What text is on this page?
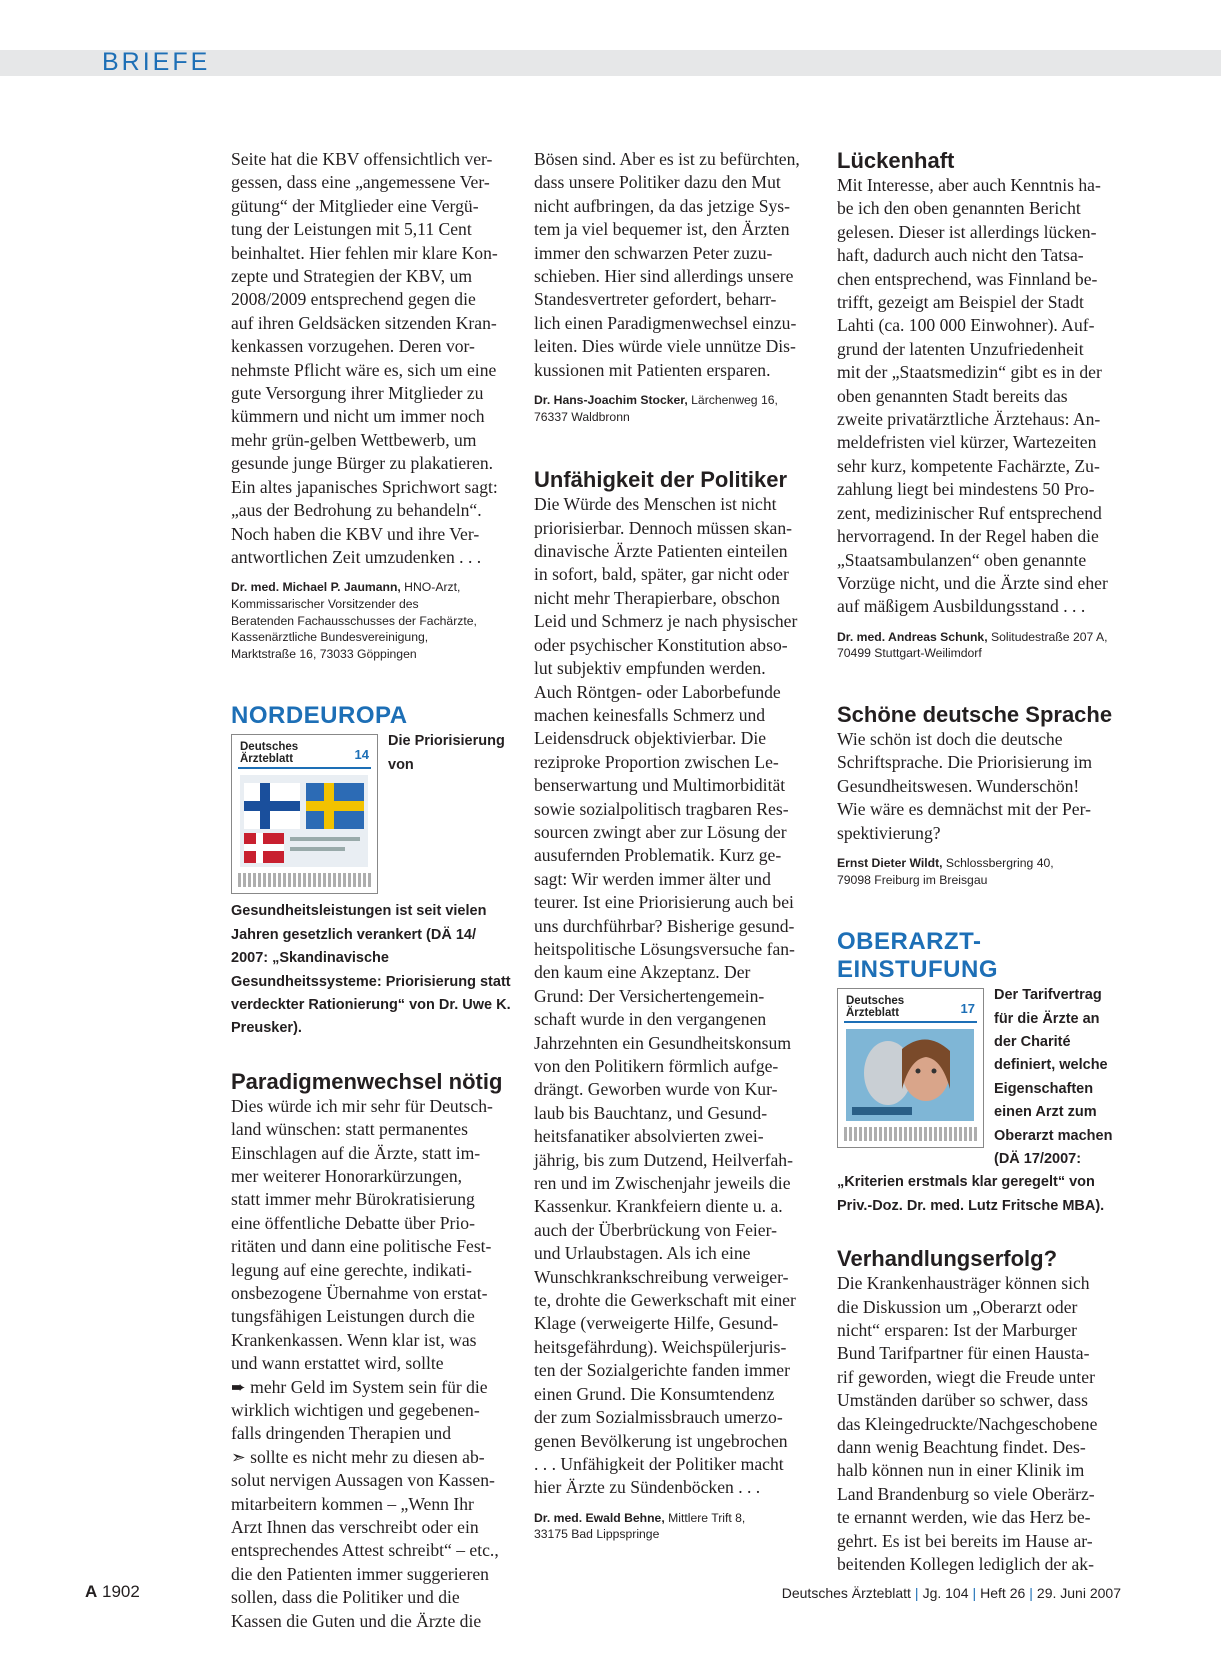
BRIEFE

Seite hat die KBV offensichtlich ver-
gessen, dass eine „angemessene Ver-
gütung“ der Mitglieder eine Vergü-
tung der Leistungen mit 5,11 Cent
beinhaltet. Hier fehlen mir klare Kon-
zepte und Strategien der KBV, um
2008/2009 entsprechend gegen die
auf ihren Geldsäcken sitzenden Kran-
kenkassen vorzugehen. Deren vor-
nehmste Pflicht wäre es, sich um eine
gute Versorgung ihrer Mitglieder zu
kümmern und nicht um immer noch
mehr grün-gelben Wettbewerb, um
gesunde junge Bürger zu plakatieren.
Ein altes japanisches Sprichwort sagt:
„aus der Bedrohung zu behandeln“.
Noch haben die KBV und ihre Ver-
antwortlichen Zeit umzudenken . . .

Dr. med. Michael P. Jaumann, HNO-Arzt,
Kommissarischer Vorsitzender des
Beratenden Fachausschusses der Fachärzte,
Kassenärztliche Bundesvereinigung,
Marktstraße 16, 73033 Göppingen
NORDEUROPA
Deutsches
Ärzteblatt	14
Die Priorisierung von Gesundheitsleistungen ist seit vielen Jahren gesetzlich verankert (DÄ 14/ 2007: „Skandinavische Gesundheitssysteme: Priorisierung statt verdeckter Rationierung“ von Dr. Uwe K. Preusker).
Paradigmenwechsel nötig

Dies würde ich mir sehr für Deutsch-
land wünschen: statt permanentes
Einschlagen auf die Ärzte, statt im-
mer weiterer Honorarkürzungen,
statt immer mehr Bürokratisierung
eine öffentliche Debatte über Prio-
ritäten und dann eine politische Fest-
legung auf eine gerechte, indikati-
onsbezogene Übernahme von erstat-
tungsfähigen Leistungen durch die
Krankenkassen. Wenn klar ist, was
und wann erstattet wird, sollte

➨ mehr Geld im System sein für die
wirklich wichtigen und gegebenen-
falls dringenden Therapien und

➣ sollte es nicht mehr zu diesen ab-
solut nervigen Aussagen von Kassen-
mitarbeitern kommen – „Wenn Ihr
Arzt Ihnen das verschreibt oder ein
entsprechendes Attest schreibt“ – etc.,
die den Patienten immer suggerieren
sollen, dass die Politiker und die
Kassen die Guten und die Ärzte die

Bösen sind. Aber es ist zu befürchten,
dass unsere Politiker dazu den Mut
nicht aufbringen, da das jetzige Sys-
tem ja viel bequemer ist, den Ärzten
immer den schwarzen Peter zuzu-
schieben. Hier sind allerdings unsere
Standesvertreter gefordert, beharr-
lich einen Paradigmenwechsel einzu-
leiten. Dies würde viele unnütze Dis-
kussionen mit Patienten ersparen.

Dr. Hans-Joachim Stocker, Lärchenweg 16,
76337 Waldbronn
Unfähigkeit der Politiker

Die Würde des Menschen ist nicht
priorisierbar. Dennoch müssen skan-
dinavische Ärzte Patienten einteilen
in sofort, bald, später, gar nicht oder
nicht mehr Therapierbare, obschon
Leid und Schmerz je nach physischer
oder psychischer Konstitution abso-
lut subjektiv empfunden werden.
Auch Röntgen- oder Laborbefunde
machen keinesfalls Schmerz und
Leidensdruck objektivierbar. Die
reziproke Proportion zwischen Le-
benserwartung und Multimorbidität
sowie sozialpolitisch tragbaren Res-
sourcen zwingt aber zur Lösung der
ausufernden Problematik. Kurz ge-
sagt: Wir werden immer älter und
teurer. Ist eine Priorisierung auch bei
uns durchführbar? Bisherige gesund-
heitspolitische Lösungsversuche fan-
den kaum eine Akzeptanz. Der
Grund: Der Versichertengemein-
schaft wurde in den vergangenen
Jahrzehnten ein Gesundheitskonsum
von den Politikern förmlich aufge-
drängt. Geworben wurde von Kur-
laub bis Bauchtanz, und Gesund-
heitsfanatiker absolvierten zwei-
jährig, bis zum Dutzend, Heilverfah-
ren und im Zwischenjahr jeweils die
Kassenkur. Krankfeiern diente u. a.
auch der Überbrückung von Feier-
und Urlaubstagen. Als ich eine
Wunschkrankschreibung verweiger-
te, drohte die Gewerkschaft mit einer
Klage (verweigerte Hilfe, Gesund-
heitsgefährdung). Weichspülerjuris-
ten der Sozialgerichte fanden immer
einen Grund. Die Konsumtendenz
der zum Sozialmissbrauch umerzo-
genen Bevölkerung ist ungebrochen
. . . Unfähigkeit der Politiker macht
hier Ärzte zu Sündenböcken . . .

Dr. med. Ewald Behne, Mittlere Trift 8,
33175 Bad Lippspringe
Lückenhaft

Mit Interesse, aber auch Kenntnis ha-
be ich den oben genannten Bericht
gelesen. Dieser ist allerdings lücken-
haft, dadurch auch nicht den Tatsa-
chen entsprechend, was Finnland be-
trifft, gezeigt am Beispiel der Stadt
Lahti (ca. 100 000 Einwohner). Auf-
grund der latenten Unzufriedenheit
mit der „Staatsmedizin“ gibt es in der
oben genannten Stadt bereits das
zweite privatärztliche Ärztehaus: An-
meldefristen viel kürzer, Wartezeiten
sehr kurz, kompetente Fachärzte, Zu-
zahlung liegt bei mindestens 50 Pro-
zent, medizinischer Ruf entsprechend
hervorragend. In der Regel haben die
„Staatsambulanzen“ oben genannte
Vorzüge nicht, und die Ärzte sind eher
auf mäßigem Ausbildungsstand . . .

Dr. med. Andreas Schunk, Solitudestraße 207 A,
70499 Stuttgart-Weilimdorf
Schöne deutsche Sprache

Wie schön ist doch die deutsche
Schriftsprache. Die Priorisierung im
Gesundheitswesen. Wunderschön!
Wie wäre es demnächst mit der Per-
spektivierung?

Ernst Dieter Wildt, Schlossbergring 40,
79098 Freiburg im Breisgau
OBERARZT-EINSTUFUNG
Deutsches
Ärzteblatt	17
Der Tarifvertrag für die Ärzte an der Charité definiert, welche Eigenschaften einen Arzt zum Oberarzt machen (DÄ 17/2007: „Kriterien erstmals klar geregelt“ von Priv.-Doz. Dr. med. Lutz Fritsche MBA).
Verhandlungserfolg?

Die Krankenhausträger können sich
die Diskussion um „Oberarzt oder
nicht“ ersparen: Ist der Marburger
Bund Tarifpartner für einen Hausta-
rif geworden, wiegt die Freude unter
Umständen darüber so schwer, dass
das Kleingedruckte/Nachgeschobene
dann wenig Beachtung findet. Des-
halb können nun in einer Klinik im
Land Brandenburg so viele Oberärz-
te ernannt werden, wie das Herz be-
gehrt. Es ist bei bereits im Hause ar-
beitenden Kollegen lediglich der ak-

A 1902	Deutsches Ärzteblatt | Jg. 104 | Heft 26 | 29. Juni 2007
